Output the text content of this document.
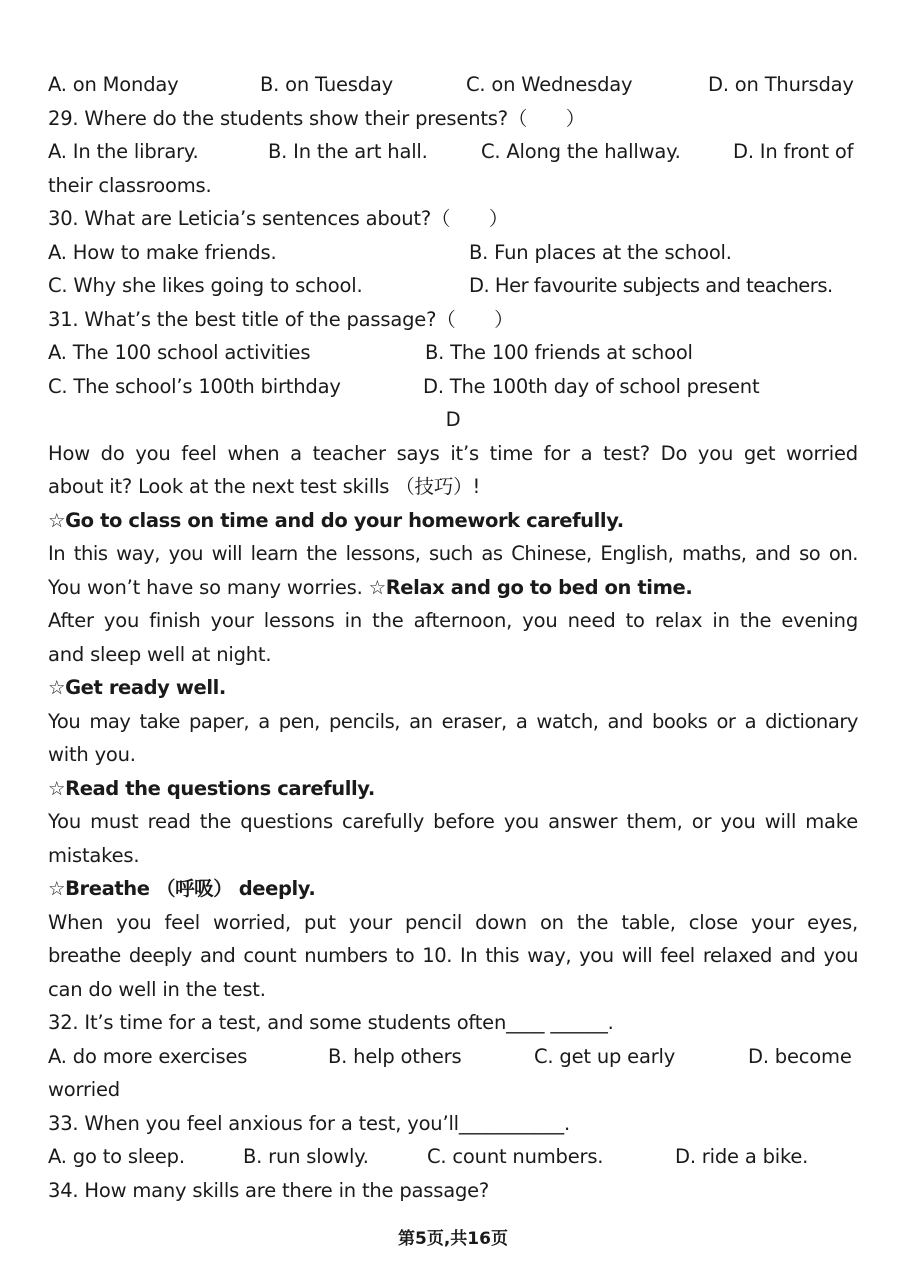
A. on Monday	B. on Tuesday	C. on Wednesday	D. on Thursday
29. Where do the students show their presents?（　　）
A. In the library.	B. In the art hall.	C. Along the hallway.	D. In front of
their classrooms.
30. What are Leticia’s sentences about?（　　）
A. How to make friends.	B. Fun places at the school.
C. Why she likes going to school.	D. Her favourite subjects and teachers.
31. What’s the best title of the passage?（　　）
A. The 100 school activities	B. The 100 friends at school
C. The school’s 100th birthday	D. The 100th day of school present
D
How do you feel when a teacher says it’s time for a test? Do you get worried
about it? Look at the next test skills （技巧）!
☆Go to class on time and do your homework carefully.
In this way, you will learn the lessons, such as Chinese, English, maths, and so on.
You won’t have so many worries. ☆Relax and go to bed on time.
After you finish your lessons in the afternoon, you need to relax in the evening
and sleep well at night.
☆Get ready well.
You may take paper, a pen, pencils, an eraser, a watch, and books or a dictionary
with you.
☆Read the questions carefully.
You must read the questions carefully before you answer them, or you will make
mistakes.
☆Breathe （呼吸） deeply.
When you feel worried, put your pencil down on the table, close your eyes,
breathe deeply and count numbers to 10. In this way, you will feel relaxed and you
can do well in the test.
32. It’s time for a test, and some students often____ ______.
A. do more exercises	B. help others	C. get up early	D. become
worried
33. When you feel anxious for a test, you’ll___________.
A. go to sleep.	B. run slowly.	C. count numbers.	D. ride a bike.
34. How many skills are there in the passage?
第5页,共16页
